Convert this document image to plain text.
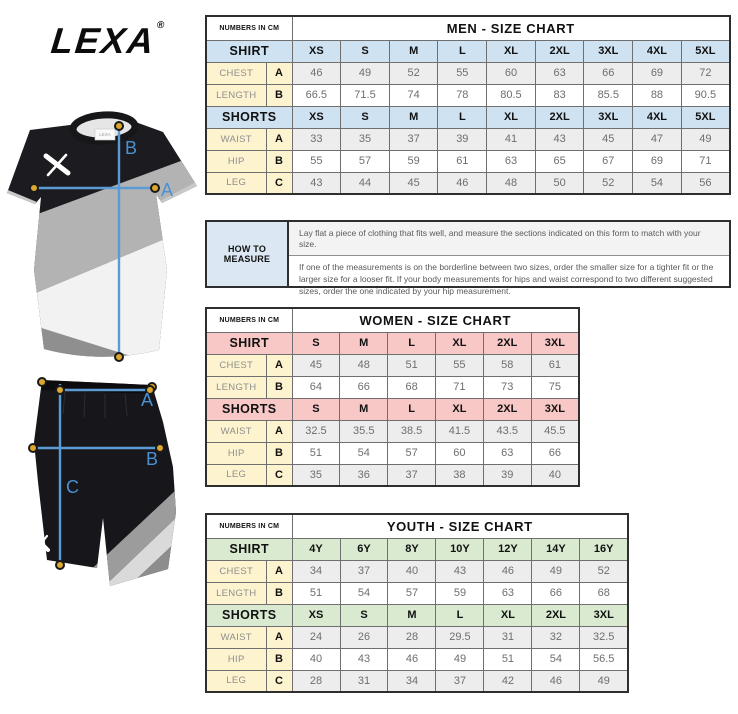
LEXA®
LEXA
B
A
A
B
C
NUMBERS IN CM		MEN - SIZE CHART								
SHIRT		XS	S	M	L	XL	2XL	3XL	4XL	5XL
CHEST	A	46	49	52	55	60	63	66	69	72
LENGTH	B	66.5	71.5	74	78	80.5	83	85.5	88	90.5
SHORTS		XS	S	M	L	XL	2XL	3XL	4XL	5XL
WAIST	A	33	35	37	39	41	43	45	47	49
HIP	B	55	57	59	61	63	65	67	69	71
LEG	C	43	44	45	46	48	50	52	54	56
HOW TO MEASURE
Lay flat a piece of clothing that fits well, and measure the sections indicated on this form to match with your size.
If one of the measurements is on the borderline between two sizes, order the smaller size for a tighter fit or the larger size for a looser fit. If your body measurements for hips and waist correspond to two different suggested sizes, order the one indicated by your hip measurement.
NUMBERS IN CM		WOMEN - SIZE CHART					
SHIRT		S	M	L	XL	2XL	3XL
CHEST	A	45	48	51	55	58	61
LENGTH	B	64	66	68	71	73	75
SHORTS		S	M	L	XL	2XL	3XL
WAIST	A	32.5	35.5	38.5	41.5	43.5	45.5
HIP	B	51	54	57	60	63	66
LEG	C	35	36	37	38	39	40
NUMBERS IN CM		YOUTH - SIZE CHART						
SHIRT		4Y	6Y	8Y	10Y	12Y	14Y	16Y
CHEST	A	34	37	40	43	46	49	52
LENGTH	B	51	54	57	59	63	66	68
SHORTS		XS	S	M	L	XL	2XL	3XL
WAIST	A	24	26	28	29.5	31	32	32.5
HIP	B	40	43	46	49	51	54	56.5
LEG	C	28	31	34	37	42	46	49
